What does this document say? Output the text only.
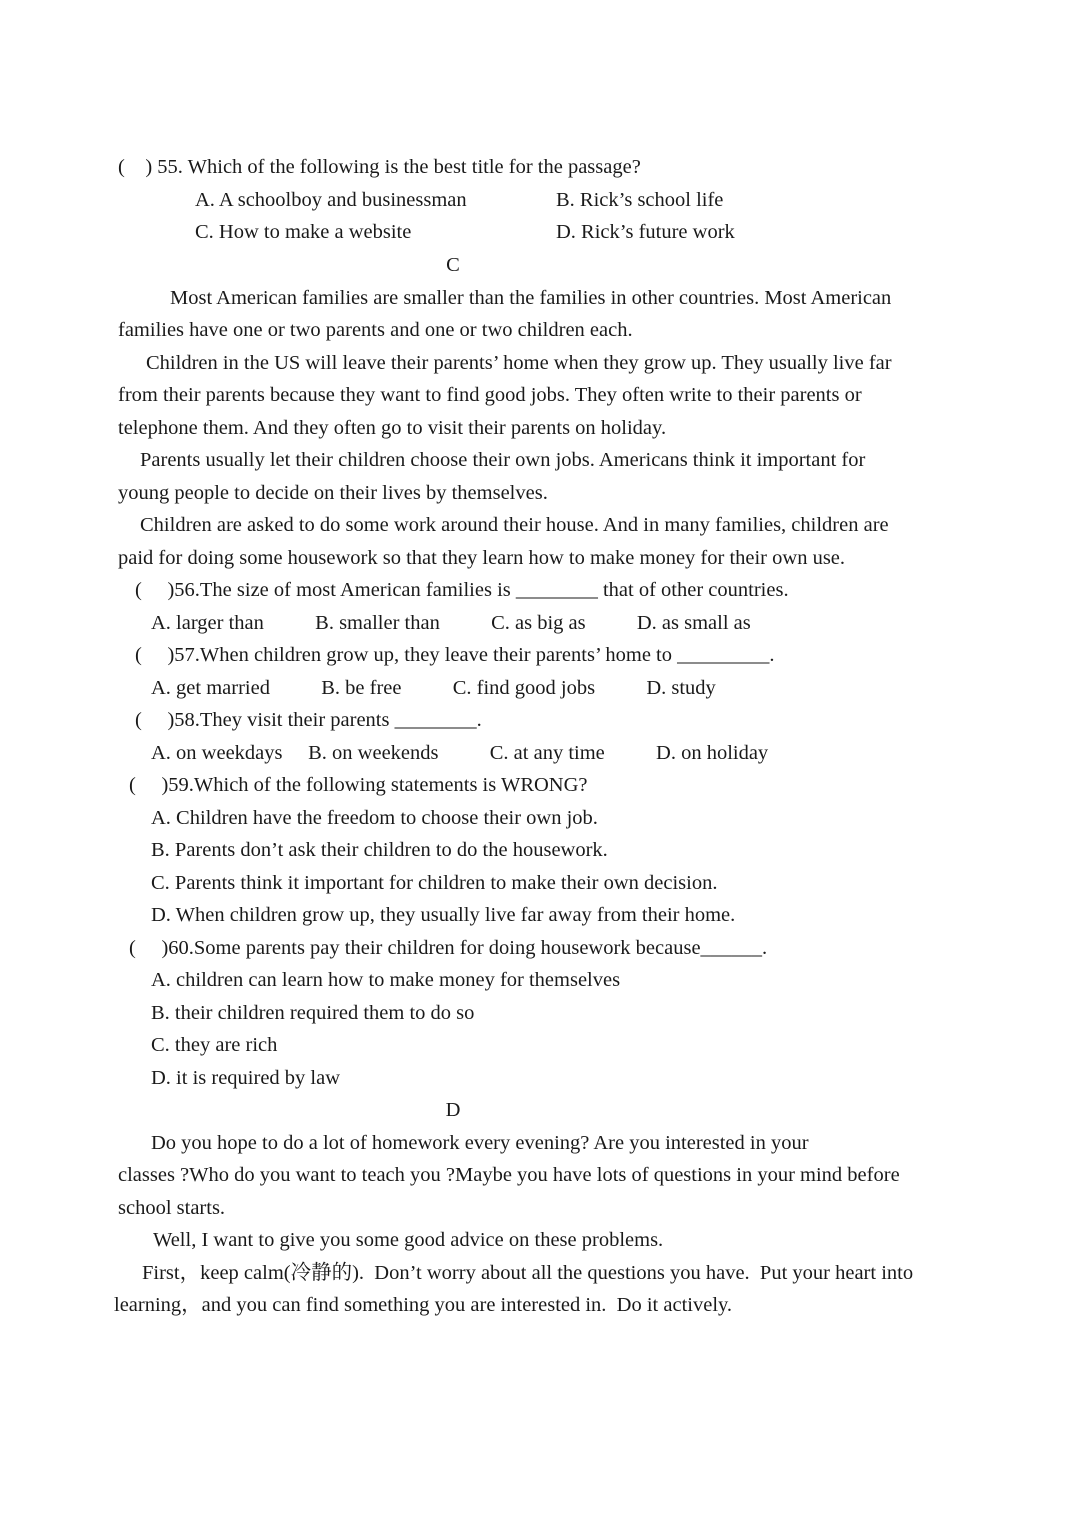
(    ) 55. Which of the following is the best title for the passage?
A. A schoolboy and businessman	B. Rick’s school life
C. How to make a website	D. Rick’s future work
C
Most American families are smaller than the families in other countries. Most American
families have one or two parents and one or two children each.
Children in the US will leave their parents’ home when they grow up. They usually live far
from their parents because they want to find good jobs. They often write to their parents or
telephone them. And they often go to visit their parents on holiday.
Parents usually let their children choose their own jobs. Americans think it important for
young people to decide on their lives by themselves.
Children are asked to do some work around their house. And in many families, children are
paid for doing some housework so that they learn how to make money for their own use.
(     )56.The size of most American families is ________ that of other countries.
A. larger than          B. smaller than          C. as big as          D. as small as
(     )57.When children grow up, they leave their parents’ home to _________.
A. get married          B. be free          C. find good jobs          D. study
(     )58.They visit their parents ________.
A. on weekdays     B. on weekends          C. at any time          D. on holiday
(     )59.Which of the following statements is WRONG?
A. Children have the freedom to choose their own job.
B. Parents don’t ask their children to do the housework.
C. Parents think it important for children to make their own decision.
D. When children grow up, they usually live far away from their home.
(     )60.Some parents pay their children for doing housework because______.
A. children can learn how to make money for themselves
B. their children required them to do so
C. they are rich
D. it is required by law
D
Do you hope to do a lot of homework every evening? Are you interested in your
classes ?Who do you want to teach you ?Maybe you have lots of questions in your mind before
school starts.
Well, I want to give you some good advice on these problems.
First，keep calm(冷静的).  Don’t worry about all the questions you have.  Put your heart into
learning，and you can find something you are interested in.  Do it actively.
